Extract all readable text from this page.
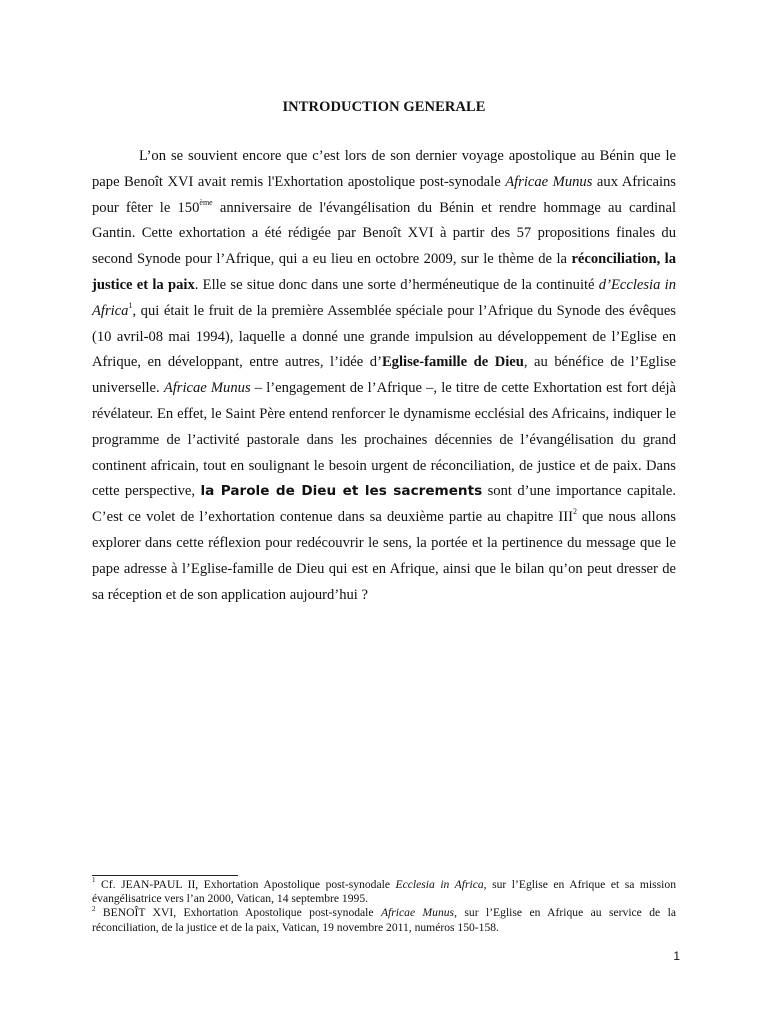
INTRODUCTION GENERALE

L’on se souvient encore que c’est lors de son dernier voyage apostolique au Bénin que le pape Benoît XVI avait remis l'Exhortation apostolique post-synodale Africae Munus aux Africains pour fêter le 150ème anniversaire de l'évangélisation du Bénin et rendre hommage au cardinal Gantin. Cette exhortation a été rédigée par Benoît XVI à partir des 57 propositions finales du second Synode pour l’Afrique, qui a eu lieu en octobre 2009, sur le thème de la réconciliation, la justice et la paix. Elle se situe donc dans une sorte d’herméneutique de la continuité d’Ecclesia in Africa$^1$, qui était le fruit de la première Assemblée spéciale pour l’Afrique du Synode des évêques (10 avril-08 mai 1994), laquelle a donné une grande impulsion au développement de l’Eglise en Afrique, en développant, entre autres, l’idée d’Eglise-famille de Dieu, au bénéfice de l’Eglise universelle. Africae Munus – l’engagement de l’Afrique –, le titre de cette Exhortation est fort déjà révélateur. En effet, le Saint Père entend renforcer le dynamisme ecclésial des Africains, indiquer le programme de l’activité pastorale dans les prochaines décennies de l’évangélisation du grand continent africain, tout en soulignant le besoin urgent de réconciliation, de justice et de paix. Dans cette perspective, la Parole de Dieu et les sacrements sont d’une importance capitale. C’est ce volet de l’exhortation contenue dans sa deuxième partie au chapitre III$^2$ que nous allons explorer dans cette réflexion pour redécouvrir le sens, la portée et la pertinence du message que le pape adresse à l’Eglise-famille de Dieu qui est en Afrique, ainsi que le bilan qu’on peut dresser de sa réception et de son application aujourd’hui ?

$^1$ Cf. JEAN-PAUL II, Exhortation Apostolique post-synodale Ecclesia in Africa, sur l’Eglise en Afrique et sa mission évangélisatrice vers l’an 2000, Vatican, 14 septembre 1995.

$^2$ BENOÎT XVI, Exhortation Apostolique post-synodale Africae Munus, sur l’Eglise en Afrique au service de la réconciliation, de la justice et de la paix, Vatican, 19 novembre 2011, numéros 150-158.

1
